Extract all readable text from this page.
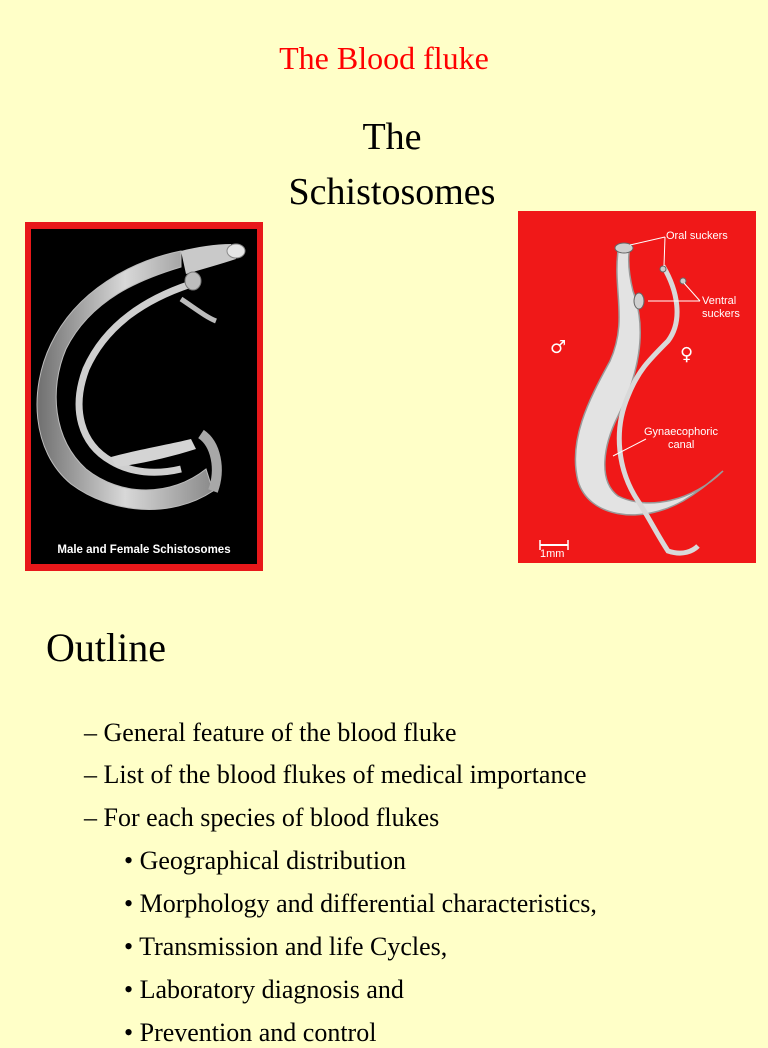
The Blood fluke
The
Schistosomes
Male and Female Schistosomes
Oral suckers
Ventral
suckers
Gynaecophoric
canal
1mm
♂	♀
Outline
– General feature of the blood fluke
– List of the blood flukes of medical importance
– For each species of blood flukes
• Geographical distribution
• Morphology and differential characteristics,
• Transmission and life Cycles,
• Laboratory diagnosis and
• Prevention and control
